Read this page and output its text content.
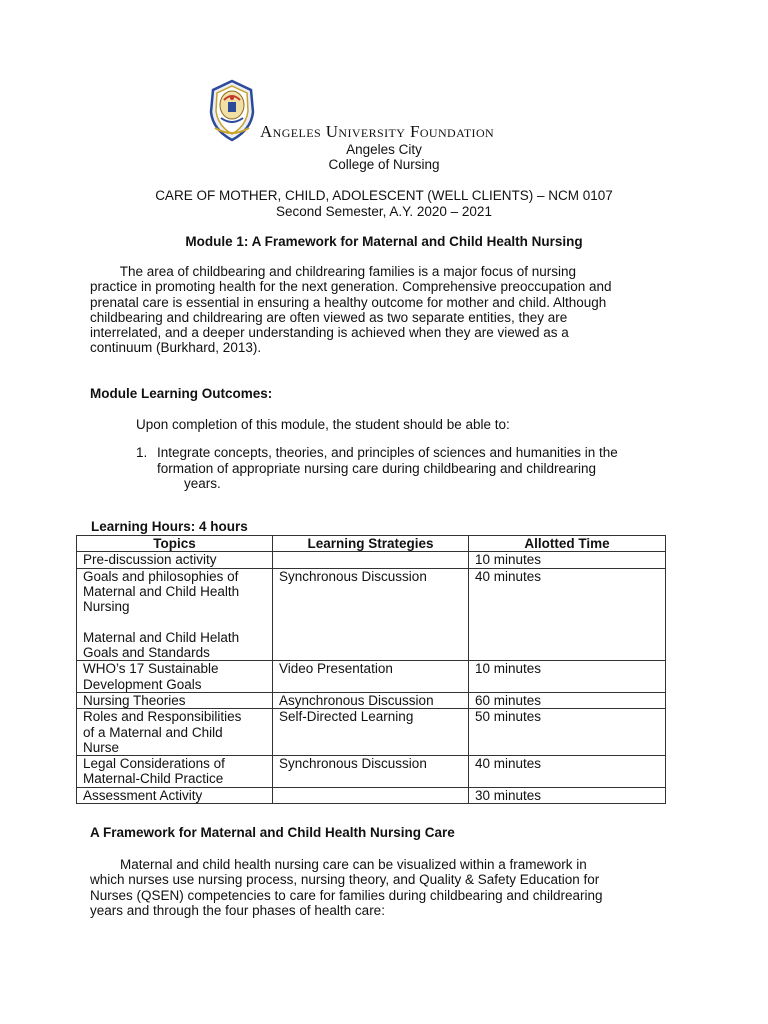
Angeles University Foundation
Angeles City
College of Nursing
CARE OF MOTHER, CHILD, ADOLESCENT (WELL CLIENTS) – NCM 0107
Second Semester, A.Y. 2020 – 2021
Module 1: A Framework for Maternal and Child Health Nursing
The area of childbearing and childrearing families is a major focus of nursing
practice in promoting health for the next generation. Comprehensive preoccupation and
prenatal care is essential in ensuring a healthy outcome for mother and child. Although
childbearing and childrearing are often viewed as two separate entities, they are
interrelated, and a deeper understanding is achieved when they are viewed as a
continuum (Burkhard, 2013).
Module Learning Outcomes:
Upon completion of this module, the student should be able to:
1. Integrate concepts, theories, and principles of sciences and humanities in the
formation of appropriate nursing care during childbearing and childrearing
years.
Learning Hours: 4 hours
Topics	Learning Strategies	Allotted Time
Pre-discussion activity		10 minutes

Goals and philosophies of
Maternal and Child Health
Nursing
Maternal and Child Helath
Goals and Standards	Synchronous Discussion	40 minutes

WHO’s 17 Sustainable
Development Goals	Video Presentation	10 minutes
Nursing Theories	Asynchronous Discussion	60 minutes

Roles and Responsibilities
of a Maternal and Child
Nurse	Self-Directed Learning	50 minutes

Legal Considerations of
Maternal-Child Practice	Synchronous Discussion	40 minutes
Assessment Activity		30 minutes
A Framework for Maternal and Child Health Nursing Care
Maternal and child health nursing care can be visualized within a framework in
which nurses use nursing process, nursing theory, and Quality & Safety Education for
Nurses (QSEN) competencies to care for families during childbearing and childrearing
years and through the four phases of health care:
